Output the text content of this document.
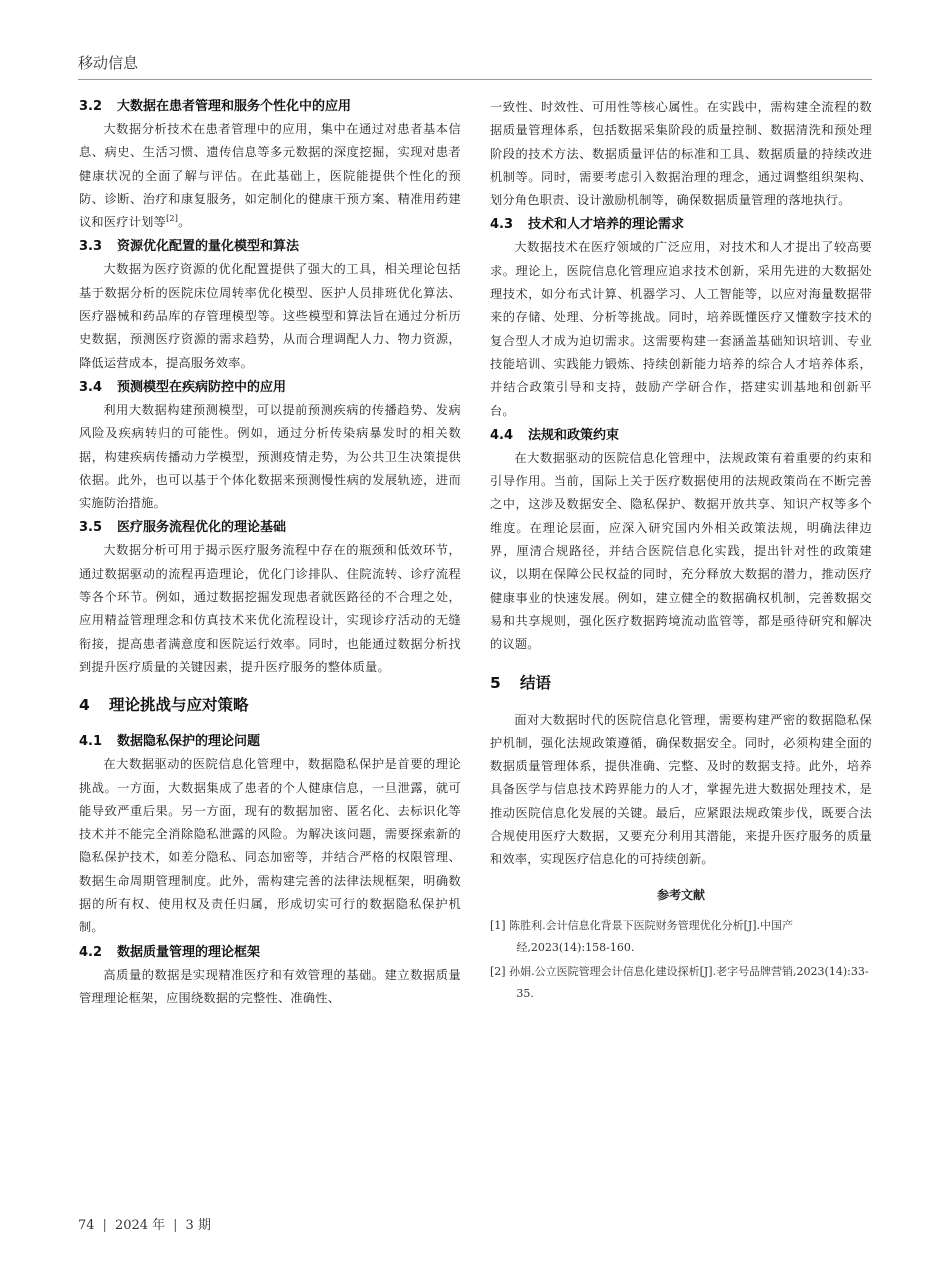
移动信息
3.2 大数据在患者管理和服务个性化中的应用

大数据分析技术在患者管理中的应用，集中在通过对患者基本信息、病史、生活习惯、遗传信息等多元数据的深度挖掘，实现对患者健康状况的全面了解与评估。在此基础上，医院能提供个性化的预防、诊断、治疗和康复服务，如定制化的健康干预方案、精准用药建议和医疗计划等[2]。

3.3 资源优化配置的量化模型和算法

大数据为医疗资源的优化配置提供了强大的工具，相关理论包括基于数据分析的医院床位周转率优化模型、医护人员排班优化算法、医疗器械和药品库的存管理模型等。这些模型和算法旨在通过分析历史数据，预测医疗资源的需求趋势，从而合理调配人力、物力资源，降低运营成本，提高服务效率。

3.4 预测模型在疾病防控中的应用

利用大数据构建预测模型，可以提前预测疾病的传播趋势、发病风险及疾病转归的可能性。例如，通过分析传染病暴发时的相关数据，构建疾病传播动力学模型，预测疫情走势，为公共卫生决策提供依据。此外，也可以基于个体化数据来预测慢性病的发展轨迹，进而实施防治措施。

3.5 医疗服务流程优化的理论基础

大数据分析可用于揭示医疗服务流程中存在的瓶颈和低效环节，通过数据驱动的流程再造理论，优化门诊排队、住院流转、诊疗流程等各个环节。例如，通过数据挖掘发现患者就医路径的不合理之处，应用精益管理理念和仿真技术来优化流程设计，实现诊疗活动的无缝衔接，提高患者满意度和医院运行效率。同时，也能通过数据分析找到提升医疗质量的关键因素，提升医疗服务的整体质量。

4 理论挑战与应对策略
4.1 数据隐私保护的理论问题

在大数据驱动的医院信息化管理中，数据隐私保护是首要的理论挑战。一方面，大数据集成了患者的个人健康信息，一旦泄露，就可能导致严重后果。另一方面，现有的数据加密、匿名化、去标识化等技术并不能完全消除隐私泄露的风险。为解决该问题，需要探索新的隐私保护技术，如差分隐私、同态加密等，并结合严格的权限管理、数据生命周期管理制度。此外，需构建完善的法律法规框架，明确数据的所有权、使用权及责任归属，形成切实可行的数据隐私保护机制。

4.2 数据质量管理的理论框架

高质量的数据是实现精准医疗和有效管理的基础。建立数据质量管理理论框架，应围绕数据的完整性、准确性、

一致性、时效性、可用性等核心属性。在实践中，需构建全流程的数据质量管理体系，包括数据采集阶段的质量控制、数据清洗和预处理阶段的技术方法、数据质量评估的标准和工具、数据质量的持续改进机制等。同时，需要考虑引入数据治理的理念，通过调整组织架构、划分角色职责、设计激励机制等，确保数据质量管理的落地执行。

4.3 技术和人才培养的理论需求

大数据技术在医疗领域的广泛应用，对技术和人才提出了较高要求。理论上，医院信息化管理应追求技术创新，采用先进的大数据处理技术，如分布式计算、机器学习、人工智能等，以应对海量数据带来的存储、处理、分析等挑战。同时，培养既懂医疗又懂数字技术的复合型人才成为迫切需求。这需要构建一套涵盖基础知识培训、专业技能培训、实践能力锻炼、持续创新能力培养的综合人才培养体系，并结合政策引导和支持，鼓励产学研合作，搭建实训基地和创新平台。

4.4 法规和政策约束

在大数据驱动的医院信息化管理中，法规政策有着重要的约束和引导作用。当前，国际上关于医疗数据使用的法规政策尚在不断完善之中，这涉及数据安全、隐私保护、数据开放共享、知识产权等多个维度。在理论层面，应深入研究国内外相关政策法规，明确法律边界，厘清合规路径，并结合医院信息化实践，提出针对性的政策建议，以期在保障公民权益的同时，充分释放大数据的潜力，推动医疗健康事业的快速发展。例如，建立健全的数据确权机制，完善数据交易和共享规则，强化医疗数据跨境流动监管等，都是亟待研究和解决的议题。

5 结语

面对大数据时代的医院信息化管理，需要构建严密的数据隐私保护机制，强化法规政策遵循，确保数据安全。同时，必须构建全面的数据质量管理体系，提供准确、完整、及时的数据支持。此外，培养具备医学与信息技术跨界能力的人才，掌握先进大数据处理技术，是推动医院信息化发展的关键。最后，应紧跟法规政策步伐，既要合法合规使用医疗大数据，又要充分利用其潜能，来提升医疗服务的质量和效率，实现医疗信息化的可持续创新。

参考文献

[1] 陈胜利.会计信息化背景下医院财务管理优化分析[J].中国产经,2023(14):158-160.

[2] 孙娟.公立医院管理会计信息化建设探析[J].老字号品牌营销,2023(14):33-35.

74 | 2024 年 | 3 期
